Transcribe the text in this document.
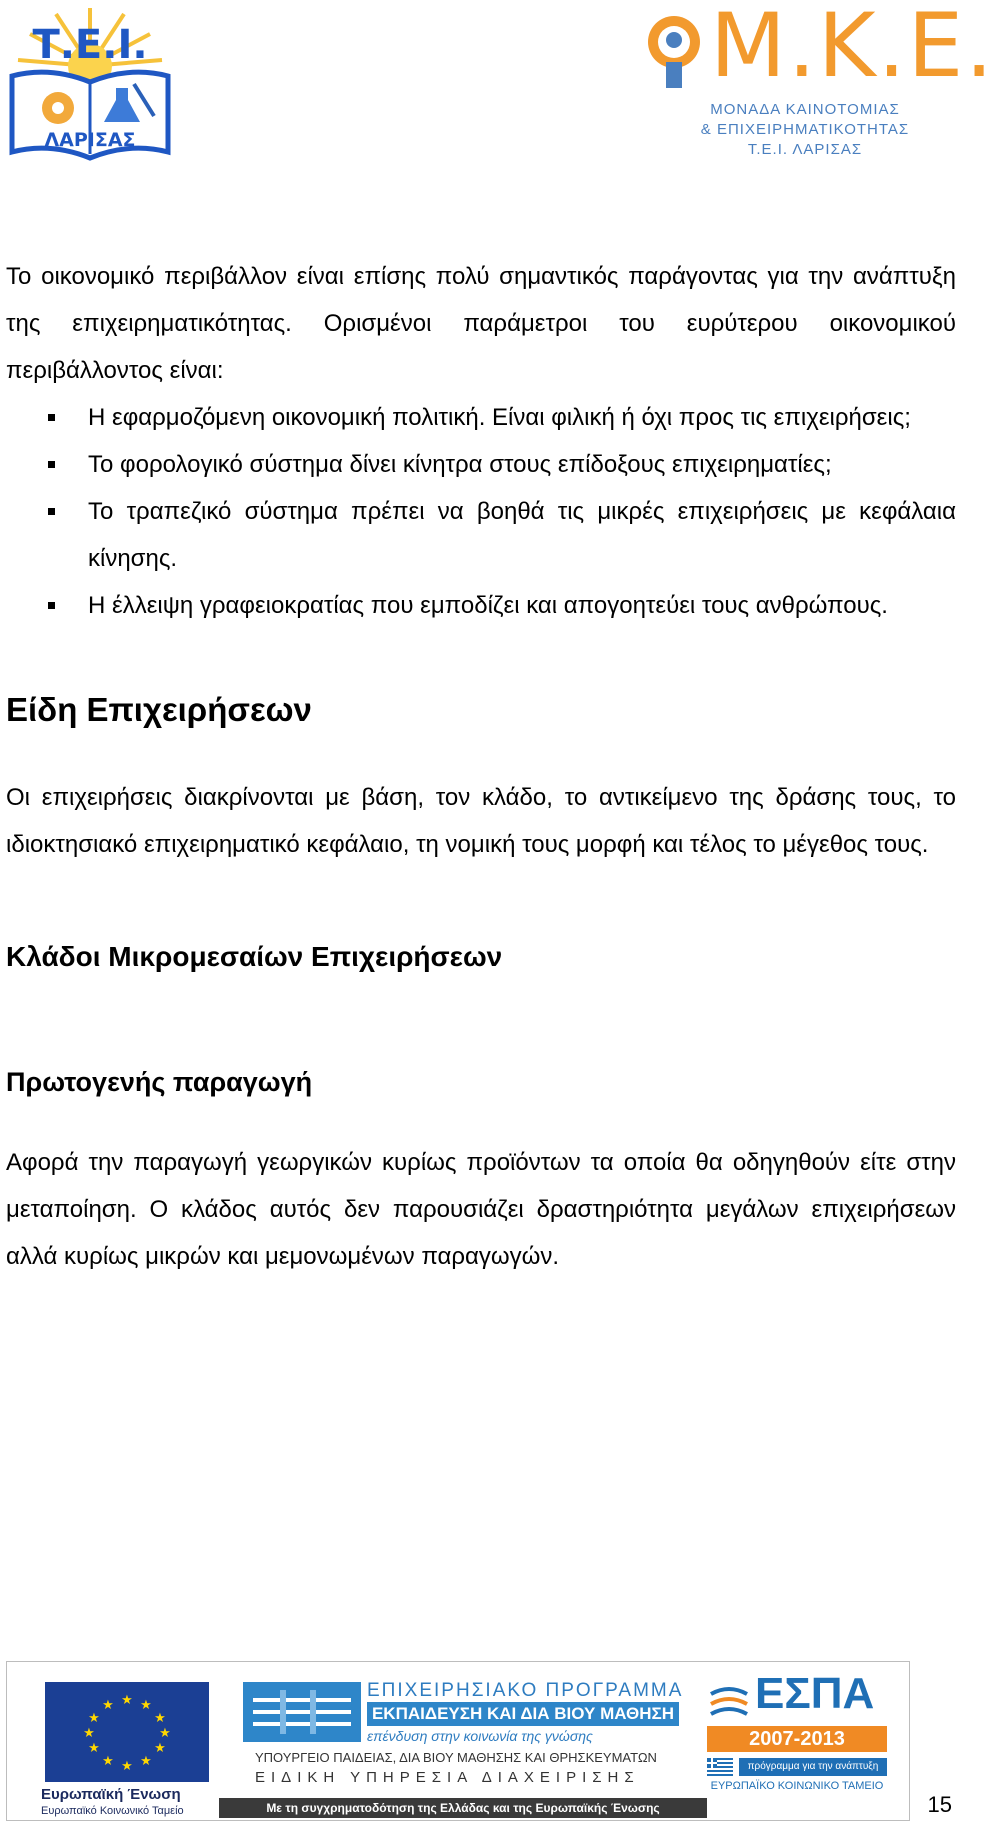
Τ.Ε.Ι.
ΛΑΡΙΣΑΣ
Μ.Κ.Ε.
ΜΟΝΑΔΑ ΚΑΙΝΟΤΟΜΙΑΣ
& ΕΠΙΧΕΙΡΗΜΑΤΙΚΟΤΗΤΑΣ
Τ.Ε.Ι. ΛΑΡΙΣΑΣ

Το οικονομικό περιβάλλον είναι επίσης πολύ σημαντικός παράγοντας για την ανάπτυξη της επιχειρηματικότητας. Ορισμένοι παράμετροι του ευρύτερου οικονομικού περιβάλλοντος είναι:

Η εφαρμοζόμενη οικονομική πολιτική. Είναι φιλική ή όχι προς τις επιχειρήσεις;
Το φορολογικό σύστημα δίνει κίνητρα στους επίδοξους επιχειρηματίες;
Το τραπεζικό σύστημα πρέπει να βοηθά τις μικρές επιχειρήσεις με κεφάλαια κίνησης.
Η έλλειψη γραφειοκρατίας που εμποδίζει και απογοητεύει τους ανθρώπους.
Είδη Επιχειρήσεων

Οι επιχειρήσεις διακρίνονται με βάση, τον κλάδο, το αντικείμενο της δράσης τους, το ιδιοκτησιακό επιχειρηματικό κεφάλαιο, τη νομική τους μορφή και τέλος το μέγεθος τους.

Κλάδοι Μικρομεσαίων Επιχειρήσεων
Πρωτογενής παραγωγή

Αφορά την παραγωγή γεωργικών κυρίως προϊόντων τα οποία θα οδηγηθούν είτε στην μεταποίηση. Ο κλάδος αυτός δεν παρουσιάζει δραστηριότητα μεγάλων επιχειρήσεων αλλά κυρίως μικρών και μεμονωμένων παραγωγών.

★ ★
★
★
★
★
★
★
★
★
★
★
Ευρωπαϊκή Ένωση
Ευρωπαϊκό Κοινωνικό Ταμείο
ΕΠΙΧΕΙΡΗΣΙΑΚΟ ΠΡΟΓΡΑΜΜΑ
ΕΚΠΑΙΔΕΥΣΗ ΚΑΙ ΔΙΑ ΒΙΟΥ ΜΑΘΗΣΗ
επένδυση στην κοινωνία της γνώσης
ΥΠΟΥΡΓΕΙΟ ΠΑΙΔΕΙΑΣ, ΔΙΑ ΒΙΟΥ ΜΑΘΗΣΗΣ ΚΑΙ ΘΡΗΣΚΕΥΜΑΤΩΝ
ΕΙΔΙΚΗ ΥΠΗΡΕΣΙΑ ΔΙΑΧΕΙΡΙΣΗΣ
Με τη συγχρηματοδότηση της Ελλάδας και της Ευρωπαϊκής Ένωσης
ΕΣΠΑ
2007-2013
πρόγραμμα για την ανάπτυξη
ΕΥΡΩΠΑΪΚΟ ΚΟΙΝΩΝΙΚΟ ΤΑΜΕΙΟ
15
